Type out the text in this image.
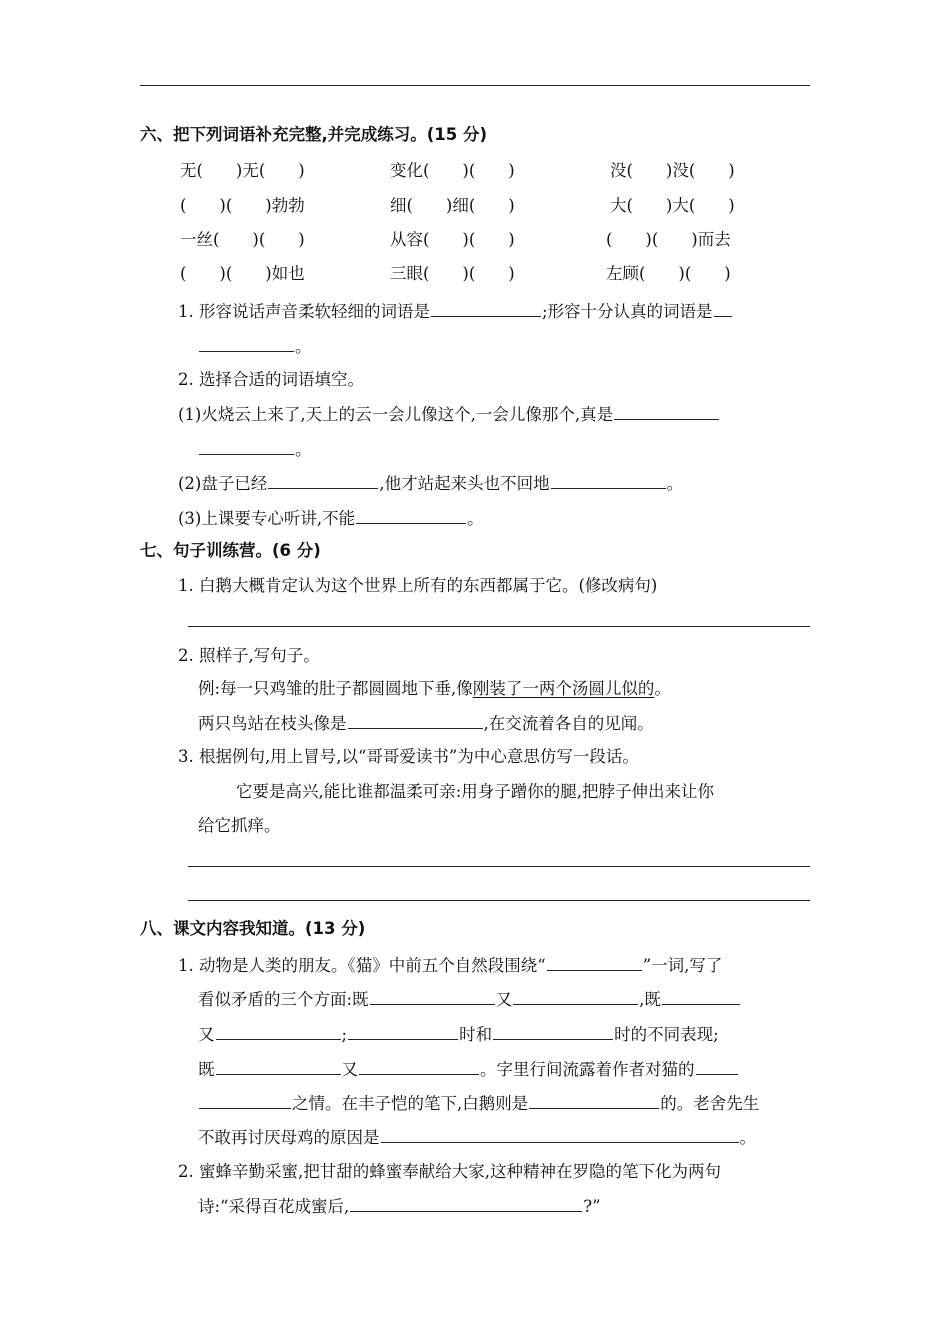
六、把下列词语补充完整,并完成练习。(15 分)
无(　　)无(　　)	变化(　　)(　　)	没(　　)没(　　)
(　　)(　　)勃勃	细(　　)细(　　)	大(　　)大(　　)
一丝(　　)(　　)	从容(　　)(　　)	(　　)(　　)而去
(　　)(　　)如也	三眼(　　)(　　)	左顾(　　)(　　)
1. 形容说话声音柔软轻细的词语是	;形容十分认真的词语是
。
2. 选择合适的词语填空。
(1)火烧云上来了,天上的云一会儿像这个,一会儿像那个,真是
。
(2)盘子已经	,他才站起来头也不回地	。
(3)上课要专心听讲,不能	。
七、句子训练营。(6 分)
1. 白鹅大概肯定认为这个世界上所有的东西都属于它。(修改病句)
2. 照样子,写句子。
例:每一只鸡雏的肚子都圆圆地下垂,像刚装了一两个汤圆儿似的。
两只鸟站在枝头像是	,在交流着各自的见闻。
3. 根据例句,用上冒号,以“哥哥爱读书”为中心意思仿写一段话。
它要是高兴,能比谁都温柔可亲:用身子蹭你的腿,把脖子伸出来让你
给它抓痒。
八、课文内容我知道。(13 分)
1. 动物是人类的朋友。《猫》中前五个自然段围绕“	”一词,写了
看似矛盾的三个方面:既	又	,既
又	;	时和	时的不同表现;
既	又	。字里行间流露着作者对猫的
之情。在丰子恺的笔下,白鹅则是	的。老舍先生
不敢再讨厌母鸡的原因是	。
2. 蜜蜂辛勤采蜜,把甘甜的蜂蜜奉献给大家,这种精神在罗隐的笔下化为两句
诗:“采得百花成蜜后,	?”
